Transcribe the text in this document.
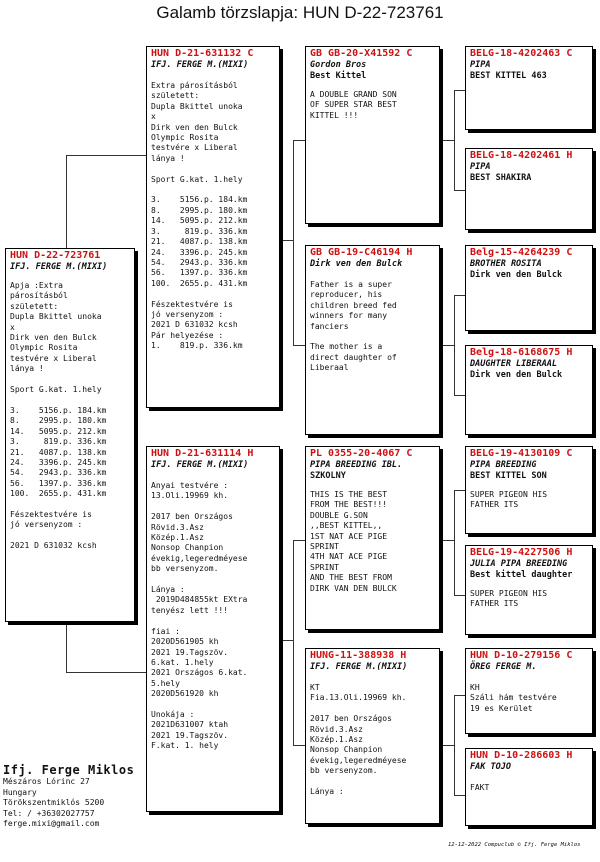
Galamb törzslapja: HUN D-22-723761
HUN D-22-723761
IFJ. FERGE M.(MIXI)
Apja :Extra
párosításból
született:
Dupla Bkittel unoka
x
Dirk ven den Bulck
Olympic Rosita
testvére x Liberal
lánya !

Sport G.kat. 1.hely

3.    5156.p. 184.km
8.    2995.p. 180.km
14.   5095.p. 212.km
3.     819.p. 336.km
21.   4087.p. 138.km
24.   3396.p. 245.km
54.   2943.p. 336.km
56.   1397.p. 336.km
100.  2655.p. 431.km

Fészektestvére is
jó versenyzom :

2021 D 631032 kcsh
HUN D-21-631132 C
IFJ. FERGE M.(MIXI)
Extra párosításból
született:
Dupla Bkittel unoka
x
Dirk ven den Bulck
Olympic Rosita
testvére x Liberal
lánya !

Sport G.kat. 1.hely

3.    5156.p. 184.km
8.    2995.p. 180.km
14.   5095.p. 212.km
3.     819.p. 336.km
21.   4087.p. 138.km
24.   3396.p. 245.km
54.   2943.p. 336.km
56.   1397.p. 336.km
100.  2655.p. 431.km

Fészektestvére is
jó versenyzom :
2021 D 631032 kcsh
Pár helyezése :
1.    819.p. 336.km
HUN D-21-631114 H
IFJ. FERGE M.(MIXI)
Anyai testvére :
13.Oli.19969 kh.

2017 ben Országos
Rövid.3.Asz
Közép.1.Asz
Nonsop Chanpion
évekig,legeredméyese
bb versenyzom.

Lánya :
2019D484855kt EXtra
tenyész lett !!!

fiai :
2020D561905 kh
2021 19.Tagszöv.
6.kat. 1.hely
2021 Országos 6.kat.
5.hely
2020D561920 kh

Unokája :
2021D631007 ktah
2021 19.Tagszöv.
F.kat. 1. hely
GB GB-20-X41592 C
Gordon Bros
Best Kittel
A DOUBLE GRAND SON
OF SUPER STAR BEST
KITTEL !!!
GB GB-19-C46194 H
Dirk ven den Bulck
Father is a super
reproducer, his
children breed fed
winners for many
fanciers

The mother is a
direct daughter of
Liberaal
PL 0355-20-4067 C
PIPA BREEDING IBL.
SZKOLNY
THIS IS THE BEST
FROM THE BEST!!!
DOUBLE G.SON
,,BEST KITTEL,,
1ST NAT ACE PIGE
SPRINT
4TH NAT ACE PIGE
SPRINT
AND THE BEST FROM
DIRK VAN DEN BULCK
HUNG-11-388938 H
IFJ. FERGE M.(MIXI)
KT
Fia.13.Oli.19969 kh.

2017 ben Országos
Rövid.3.Asz
Közép.1.Asz
Nonsop Chanpion
évekig,legeredméyese
bb versenyzom.

Lánya :
BELG-18-4202463 C
PIPA
BEST KITTEL 463
BELG-18-4202461 H
PIPA
BEST SHAKIRA
Belg-15-4264239 C
BROTHER ROSITA
Dirk ven den Bulck
Belg-18-6168675 H
DAUGHTER LIBERAAL
Dirk ven den Bulck
BELG-19-4130109 C
PIPA BREEDING
BEST KITTEL SON
SUPER PIGEON HIS
FATHER ITS
BELG-19-4227506 H
JULIA PIPA BREEDING
Best kittel daughter
SUPER PIGEON HIS
FATHER ITS
HUN D-10-279156 C
ÖREG FERGE M.
KH
Száli hám testvére
19 es Kerület
HUN D-10-286603 H
FAK TOJO
FAKT
Ifj. Ferge Miklos
Mészáros Lórinc 27
Hungary
Törökszentmiklós 5200
Tel: / +36302027757
ferge.mixi@gmail.com
12-12-2022 Compuclub © Ifj. Ferge Miklos
